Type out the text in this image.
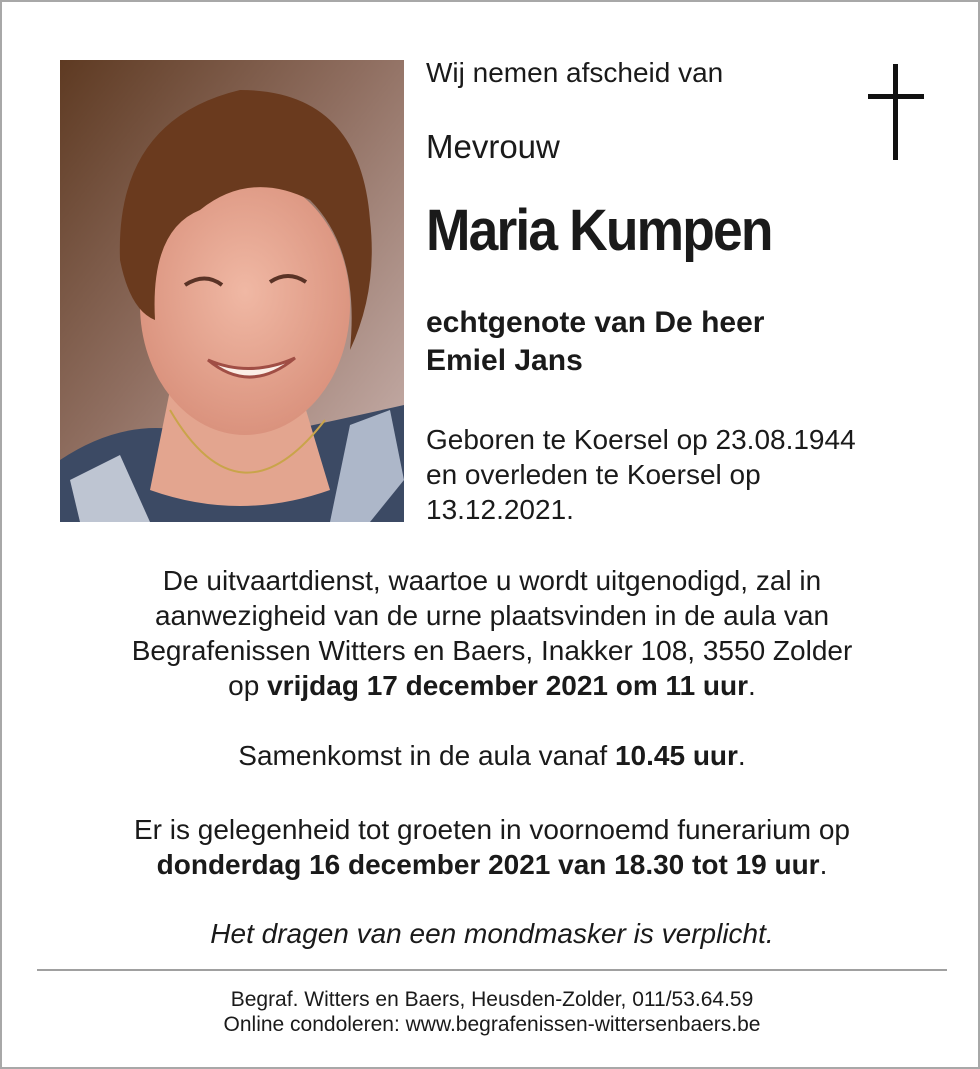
Wij nemen afscheid van
Mevrouw
Maria Kumpen
echtgenote van De heer
Emiel Jans
Geboren te Koersel op 23.08.1944
en overleden te Koersel op
13.12.2021.
De uitvaartdienst, waartoe u wordt uitgenodigd, zal in
aanwezigheid van de urne plaatsvinden in de aula van
Begrafenissen Witters en Baers, Inakker 108, 3550 Zolder
op vrijdag 17 december 2021 om 11 uur.
Samenkomst in de aula vanaf 10.45 uur.
Er is gelegenheid tot groeten in voornoemd funerarium op
donderdag 16 december 2021 van 18.30 tot 19 uur.
Het dragen van een mondmasker is verplicht.
Begraf. Witters en Baers, Heusden-Zolder, 011/53.64.59
Online condoleren: www.begrafenissen-wittersenbaers.be
